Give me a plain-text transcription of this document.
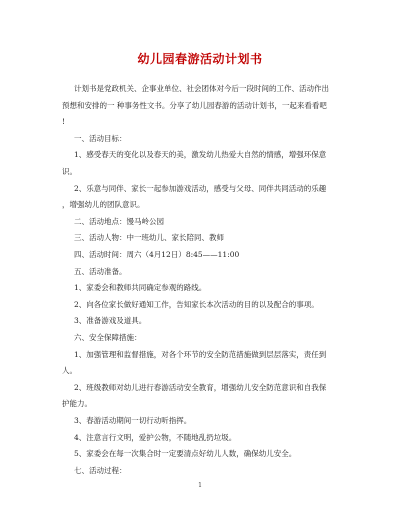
幼儿园春游活动计划书
计划书是党政机关、企事业单位、社会团体对今后一段时间的工作、活动作出
预想和安排的一 种事务性文书。分享了幼儿园春游的活动计划书，一起来看看吧
!
一、活动目标：
1、感受春天的变化以及春天的美，激发幼儿热爱大自然的情感，增强环保意
识。
2、乐意与同伴、家长一起参加游戏活动，感受与父母、同伴共同活动的乐趣
，增强幼儿的团队意识。
二、活动地点：馒马岭公园
三、活动人物：中一班幼儿、家长陪同、教师
四、活动时间：周六（4月12日）8:45——11:00
五、活动准备。
1、家委会和教师共同确定参观的路线。
2、向各位家长做好通知工作，告知家长本次活动的目的以及配合的事项。
3、准备游戏及道具。
六、安全保障措施：
1、加强管理和监督措施，对各个环节的安全防范措施做到层层落实，责任到
人。
2、班级教师对幼儿进行春游活动安全教育，增强幼儿安全防范意识和自我保
护能力。
3、春游活动期间一切行动听指挥。
4、注意言行文明，爱护公物，不随地乱扔垃圾。
5、家委会在每一次集合时一定要清点好幼儿人数，确保幼儿安全。
七、活动过程：
1
